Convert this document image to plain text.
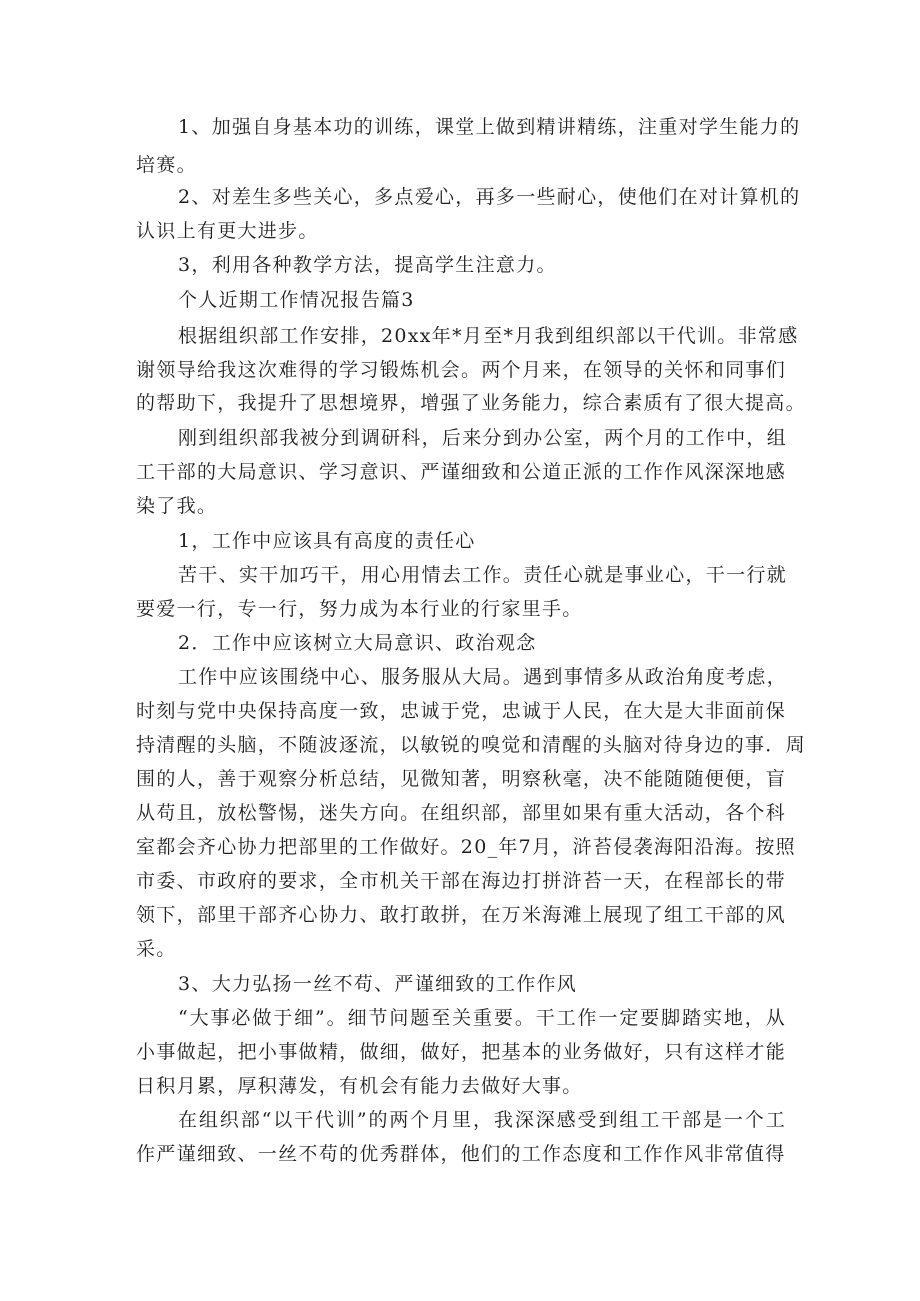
1、加强自身基本功的训练，课堂上做到精讲精练，注重对学生能力的
培赛。
2、对差生多些关心，多点爱心，再多一些耐心，使他们在对计算机的
认识上有更大进步。
3，利用各种教学方法，提高学生注意力。
个人近期工作情况报告篇3
根据组织部工作安排，20xx年*月至*月我到组织部以干代训。非常感
谢领导给我这次难得的学习锻炼机会。两个月来，在领导的关怀和同事们
的帮助下，我提升了思想境界，增强了业务能力，综合素质有了很大提高。
刚到组织部我被分到调研科，后来分到办公室，两个月的工作中，组
工干部的大局意识、学习意识、严谨细致和公道正派的工作作风深深地感
染了我。
1，工作中应该具有高度的责任心
苦干、实干加巧干，用心用情去工作。责任心就是事业心，干一行就
要爱一行，专一行，努力成为本行业的行家里手。
2．工作中应该树立大局意识、政治观念
工作中应该围绕中心、服务服从大局。遇到事情多从政治角度考虑，
时刻与党中央保持高度一致，忠诚于党，忠诚于人民，在大是大非面前保
持清醒的头脑，不随波逐流，以敏锐的嗅觉和清醒的头脑对待身边的事．周
围的人，善于观察分析总结，见微知著，明察秋毫，决不能随随便便，盲
从苟且，放松警惕，迷失方向。在组织部，部里如果有重大活动，各个科
室都会齐心协力把部里的工作做好。20_年7月，浒苔侵袭海阳沿海。按照
市委、市政府的要求，全市机关干部在海边打拼浒苔一天，在程部长的带
领下，部里干部齐心协力、敢打敢拼，在万米海滩上展现了组工干部的风
采。
3、大力弘扬一丝不苟、严谨细致的工作作风
“大事必做于细”。细节问题至关重要。干工作一定要脚踏实地，从
小事做起，把小事做精，做细，做好，把基本的业务做好，只有这样才能
日积月累，厚积薄发，有机会有能力去做好大事。
在组织部“以干代训”的两个月里，我深深感受到组工干部是一个工
作严谨细致、一丝不苟的优秀群体，他们的工作态度和工作作风非常值得
